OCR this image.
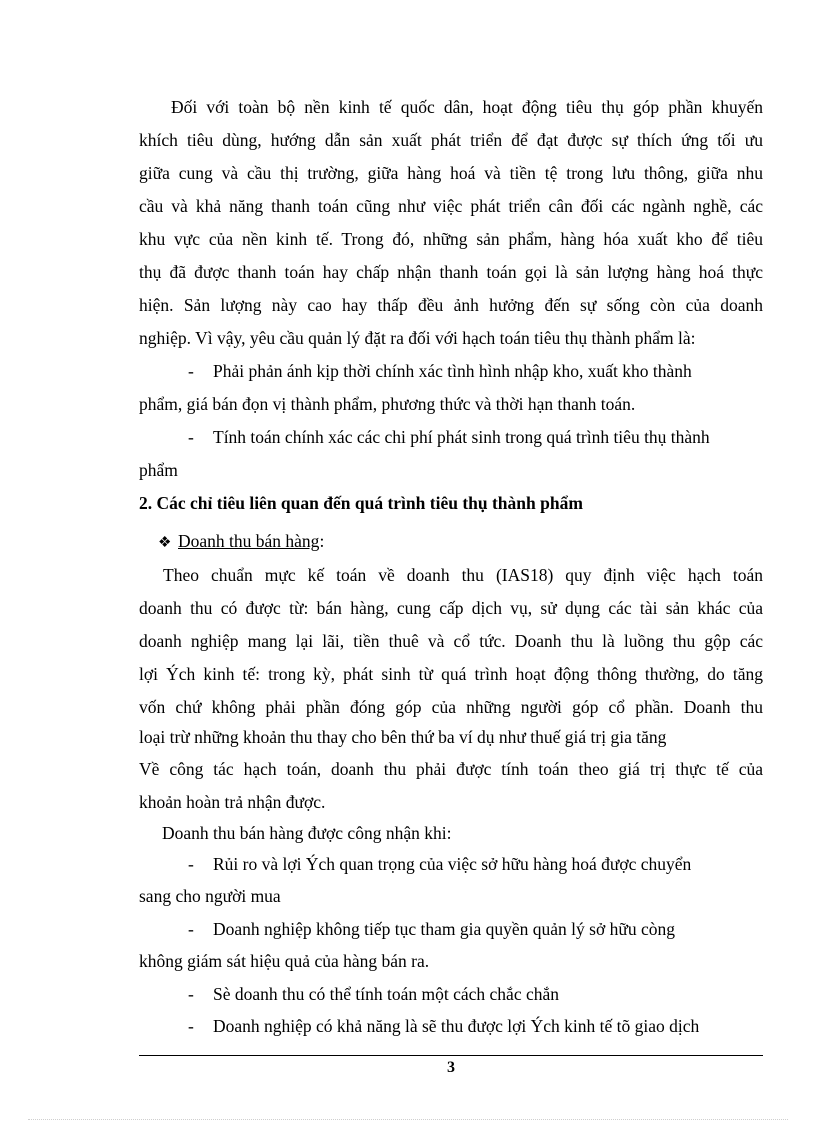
Đối với toàn bộ nền kinh tế quốc dân, hoạt động tiêu thụ góp phần khuyến
khích tiêu dùng, hướng dẫn sản xuất phát triển để đạt được sự thích ứng tối ưu
giữa cung và cầu thị trường, giữa hàng hoá và tiền tệ trong lưu thông, giữa nhu
cầu và khả năng thanh toán cũng như việc phát triển cân đối các ngành nghề, các
khu vực của nền kinh tế. Trong đó, những sản phẩm, hàng hóa xuất kho để tiêu
thụ đã được thanh toán hay chấp nhận thanh toán gọi là sản lượng hàng hoá thực
hiện. Sản lượng này cao hay thấp đều ảnh hưởng đến sự sống còn của doanh
nghiệp. Vì vậy, yêu cầu quản lý đặt ra đối với hạch toán tiêu thụ thành phẩm là:
- Phải phản ánh kịp thời chính xác tình hình nhập kho, xuất kho thành
phẩm, giá bán đọn vị thành phẩm, phương thức và thời hạn thanh toán.
- Tính toán chính xác các chi phí phát sinh trong quá trình tiêu thụ thành
phẩm
2. Các chỉ tiêu liên quan đến quá trình tiêu thụ thành phẩm
❖ Doanh thu bán hàng:
Theo chuẩn mực kế toán về doanh thu (IAS18) quy định việc hạch toán
doanh thu có được từ: bán hàng, cung cấp dịch vụ, sử dụng các tài sản khác của
doanh nghiệp mang lại lãi, tiền thuê và cổ tức. Doanh thu là luồng thu gộp các
lợi Ých kinh tế: trong kỳ, phát sinh từ quá trình hoạt động thông thường, do tăng
vốn chứ không phải phần đóng góp của những người góp cổ phần. Doanh thu
loại trừ những khoản thu thay cho bên thứ ba ví dụ như thuế giá trị gia tăng
Về công tác hạch toán, doanh thu phải được tính toán theo giá trị thực tế của
khoản hoàn trả nhận được.
Doanh thu bán hàng được công nhận khi:
- Rủi ro và lợi Ých quan trọng của việc sở hữu hàng hoá được chuyển
sang cho người mua
- Doanh nghiệp không tiếp tục tham gia quyền quản lý sở hữu còng
không giám sát hiệu quả của hàng bán ra.
- Sè doanh thu có thể tính toán một cách chắc chắn
- Doanh nghiệp có khả năng là sẽ thu được lợi Ých kinh tế tõ giao dịch
3
